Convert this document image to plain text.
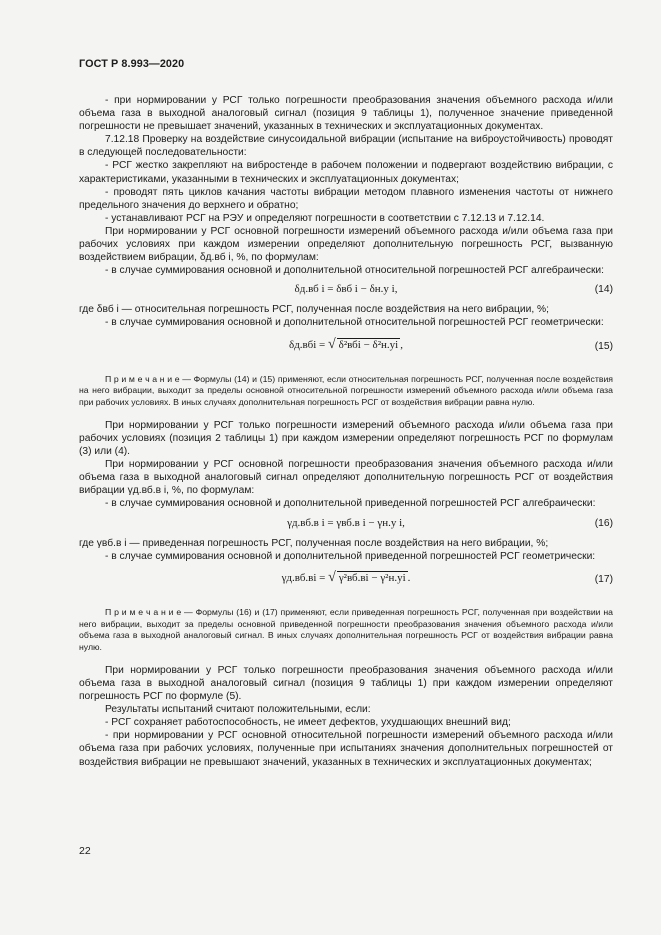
ГОСТ Р 8.993—2020

- при нормировании у РСГ только погрешности преобразования значения объемного расхода и/или объема газа в выходной аналоговый сигнал (позиция 9 таблицы 1), полученное значение приведенной погрешности не превышает значений, указанных в технических и эксплуатационных документах.

7.12.18 Проверку на воздействие синусоидальной вибрации (испытание на виброустойчивость) проводят в следующей последовательности:

- РСГ жестко закрепляют на вибростенде в рабочем положении и подвергают воздействию вибрации, с характеристиками, указанными в технических и эксплуатационных документах;

- проводят пять циклов качания частоты вибрации методом плавного изменения частоты от нижнего предельного значения до верхнего и обратно;

- устанавливают РСГ на РЭУ и определяют погрешности в соответствии с 7.12.13 и 7.12.14.

При нормировании у РСГ основной погрешности измерений объемного расхода и/или объема газа при рабочих условиях при каждом измерении определяют дополнительную погрешность РСГ, вызванную воздействием вибрации, δд.вб i, %, по формулам:

- в случае суммирования основной и дополнительной относительной погрешностей РСГ алгебраически:

δд.вб i = δвб i − δн.у i,	(14)

где δвб i — относительная погрешность РСГ, полученная после воздействия на него вибрации, %;

- в случае суммирования основной и дополнительной относительной погрешностей РСГ геометрически:

δд.вбi = √ δ²вбi − δ²н.уi ,	(15)

П р и м е ч а н и е — Формулы (14) и (15) применяют, если относительная погрешность РСГ, полученная после воздействия на него вибрации, выходит за пределы основной относительной погрешности измерений объемного расхода и/или объема газа при рабочих условиях. В иных случаях дополнительная погрешность РСГ от воздействия вибрации равна нулю.

При нормировании у РСГ только погрешности измерений объемного расхода и/или объема газа при рабочих условиях (позиция 2 таблицы 1) при каждом измерении определяют погрешность РСГ по формулам (3) или (4).

При нормировании у РСГ основной погрешности преобразования значения объемного расхода и/или объема газа в выходной аналоговый сигнал определяют дополнительную погрешность РСГ от воздействия вибрации γд.вб.в i, %, по формулам:

- в случае суммирования основной и дополнительной приведенной погрешностей РСГ алгебраически:

γд.вб.в i = γвб.в i − γн.у i,	(16)

где γвб.в i — приведенная погрешность РСГ, полученная после воздействия на него вибрации, %;

- в случае суммирования основной и дополнительной приведенной погрешностей РСГ геометрически:

γд.вб.вi = √ γ²вб.вi − γ²н.уi .	(17)

П р и м е ч а н и е — Формулы (16) и (17) применяют, если приведенная погрешность РСГ, полученная при воздействии на него вибрации, выходит за пределы основной приведенной погрешности преобразования значения объемного расхода и/или объема газа в выходной аналоговый сигнал. В иных случаях дополнительная погрешность РСГ от воздействия вибрации равна нулю.

При нормировании у РСГ только погрешности преобразования значения объемного расхода и/или объема газа в выходной аналоговый сигнал (позиция 9 таблицы 1) при каждом измерении определяют погрешность РСГ по формуле (5).

Результаты испытаний считают положительными, если:

- РСГ сохраняет работоспособность, не имеет дефектов, ухудшающих внешний вид;

- при нормировании у РСГ основной относительной погрешности измерений объемного расхода и/или объема газа при рабочих условиях, полученные при испытаниях значения дополнительных погрешностей от воздействия вибрации не превышают значений, указанных в технических и эксплуатационных документах;

22
